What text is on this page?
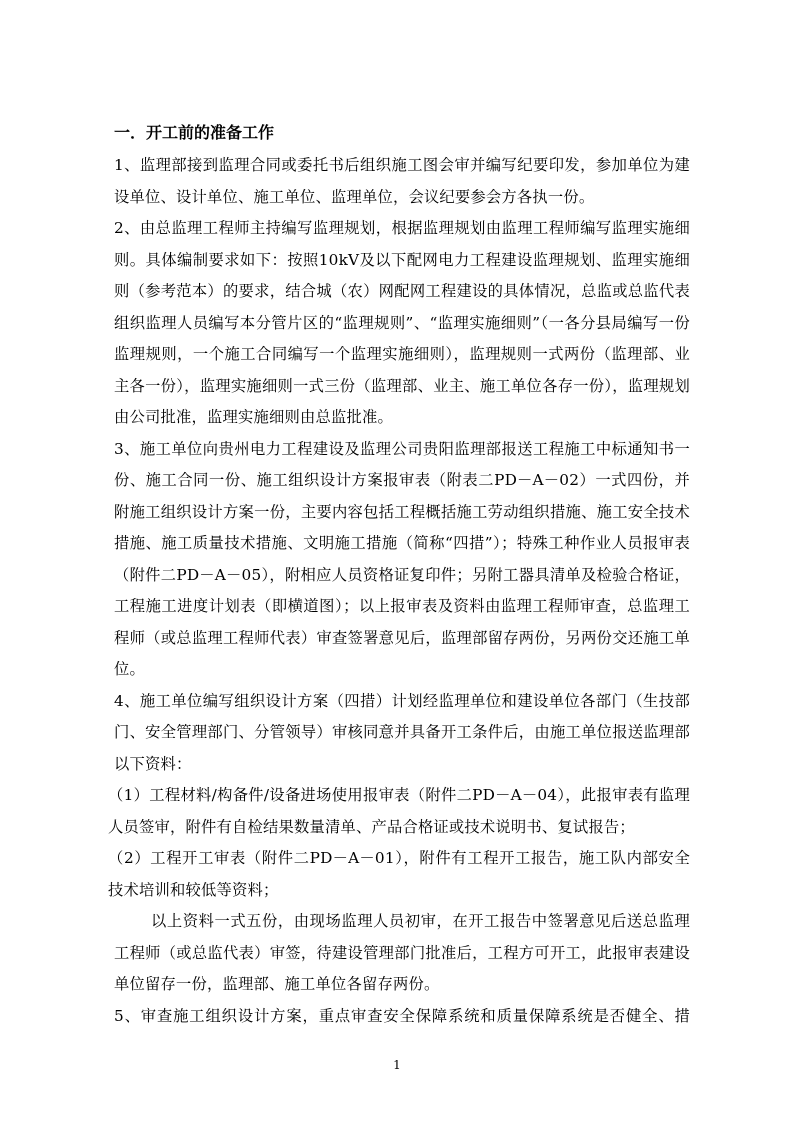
一．开工前的准备工作

1、监理部接到监理合同或委托书后组织施工图会审并编写纪要印发，参加单位为建设单位、设计单位、施工单位、监理单位，会议纪要参会方各执一份。

2、由总监理工程师主持编写监理规划，根据监理规划由监理工程师编写监理实施细则。具体编制要求如下：按照10kV及以下配网电力工程建设监理规划、监理实施细则（参考范本）的要求，结合城（农）网配网工程建设的具体情况，总监或总监代表组织监理人员编写本分管片区的“监理规则”、“监理实施细则”（一各分县局编写一份监理规则，一个施工合同编写一个监理实施细则），监理规则一式两份（监理部、业主各一份），监理实施细则一式三份（监理部、业主、施工单位各存一份），监理规划由公司批准，监理实施细则由总监批准。

3、施工单位向贵州电力工程建设及监理公司贵阳监理部报送工程施工中标通知书一份、施工合同一份、施工组织设计方案报审表（附表二PD－A－02）一式四份，并附施工组织设计方案一份，主要内容包括工程概括施工劳动组织措施、施工安全技术措施、施工质量技术措施、文明施工措施（简称“四措”）；特殊工种作业人员报审表（附件二PD－A－05），附相应人员资格证复印件；另附工器具清单及检验合格证，工程施工进度计划表（即横道图）；以上报审表及资料由监理工程师审查，总监理工程师（或总监理工程师代表）审查签署意见后，监理部留存两份，另两份交还施工单位。

4、施工单位编写组织设计方案（四措）计划经监理单位和建设单位各部门（生技部门、安全管理部门、分管领导）审核同意并具备开工条件后，由施工单位报送监理部以下资料：

（1）工程材料/构备件/设备进场使用报审表（附件二PD－A－04），此报审表有监理人员签审，附件有自检结果数量清单、产品合格证或技术说明书、复试报告；

（2）工程开工审表（附件二PD－A－01），附件有工程开工报告，施工队内部安全技术培训和较低等资料；

以上资料一式五份，由现场监理人员初审，在开工报告中签署意见后送总监理工程师（或总监代表）审签，待建设管理部门批准后，工程方可开工，此报审表建设单位留存一份，监理部、施工单位各留存两份。

5、审查施工组织设计方案，重点审查安全保障系统和质量保障系统是否健全、措

1
